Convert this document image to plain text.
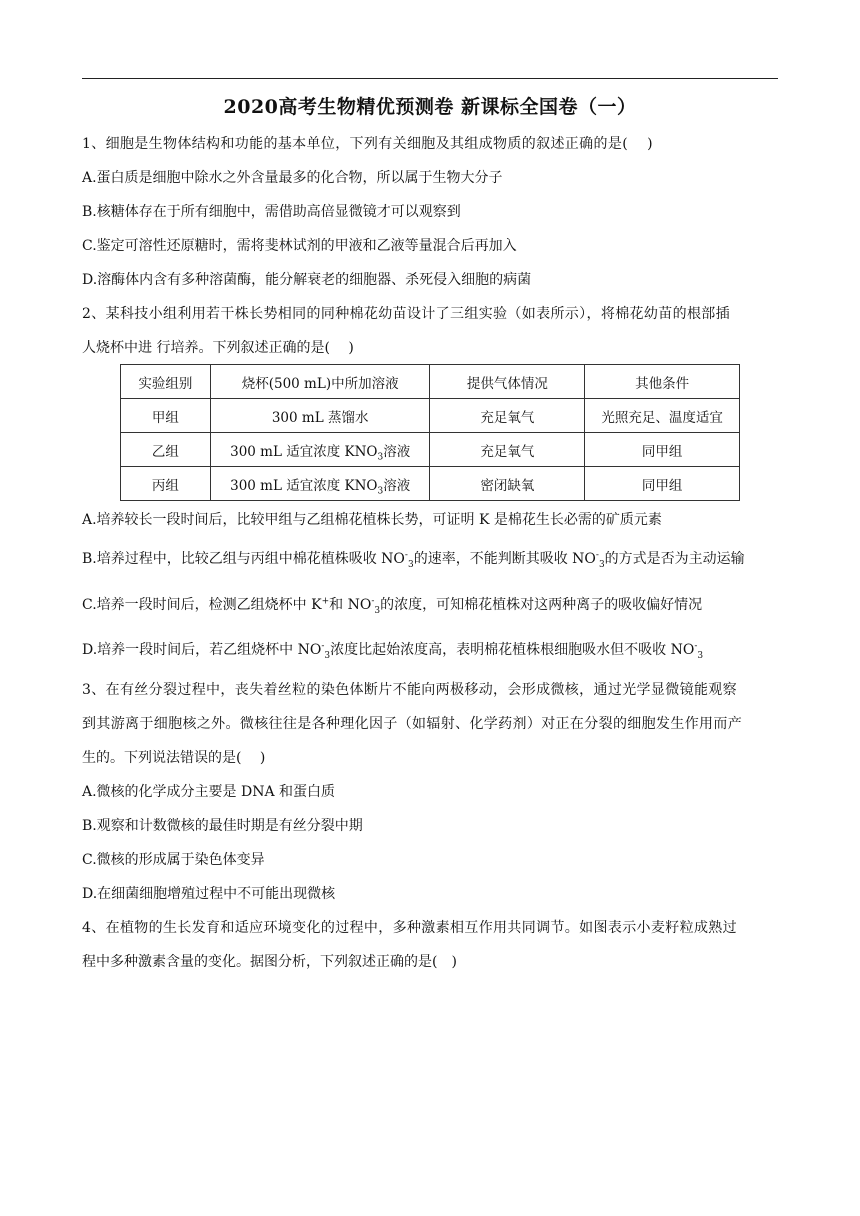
2020高考生物精优预测卷 新课标全国卷（一）
1、细胞是生物体结构和功能的基本单位，下列有关细胞及其组成物质的叙述正确的是(　 )
A.蛋白质是细胞中除水之外含量最多的化合物，所以属于生物大分子
B.核糖体存在于所有细胞中，需借助高倍显微镜才可以观察到
C.鉴定可溶性还原糖时，需将斐林试剂的甲液和乙液等量混合后再加入
D.溶酶体内含有多种溶菌酶，能分解衰老的细胞器、杀死侵入细胞的病菌
2、某科技小组利用若干株长势相同的同种棉花幼苗设计了三组实验（如表所示），将棉花幼苗的根部插
人烧杯中进 行培养。下列叙述正确的是(　 )
实验组别	烧杯(500 mL)中所加溶液	提供气体情况	其他条件
甲组	300 mL 蒸馏水	充足氧气	光照充足、温度适宜
乙组	300 mL 适宜浓度 $KNO_3$溶液	充足氧气	同甲组
丙组	300 mL 适宜浓度 $KNO_3$溶液	密闭缺氧	同甲组
A.培养较长一段时间后，比较甲组与乙组棉花植株长势，可证明 K 是棉花生长必需的矿质元素
B.培养过程中，比较乙组与丙组中棉花植株吸收 $NO^-_3$的速率，不能判断其吸收 $NO^-_3$的方式是否为主动运输
C.培养一段时间后，检测乙组烧杯中 K+和 $NO^-_3$的浓度，可知棉花植株对这两种离子的吸收偏好情况
D.培养一段时间后，若乙组烧杯中 $NO^-_3$浓度比起始浓度高，表明棉花植株根细胞吸水但不吸收 $NO^-_3$
3、在有丝分裂过程中，丧失着丝粒的染色体断片不能向两极移动，会形成微核，通过光学显微镜能观察
到其游离于细胞核之外。微核往往是各种理化因子（如辐射、化学药剂）对正在分裂的细胞发生作用而产
生的。下列说法错误的是(　 )
A.微核的化学成分主要是 DNA 和蛋白质
B.观察和计数微核的最佳时期是有丝分裂中期
C.微核的形成属于染色体变异
D.在细菌细胞增殖过程中不可能出现微核
4、在植物的生长发育和适应环境变化的过程中，多种激素相互作用共同调节。如图表示小麦籽粒成熟过
程中多种激素含量的变化。据图分析，下列叙述正确的是(　)
